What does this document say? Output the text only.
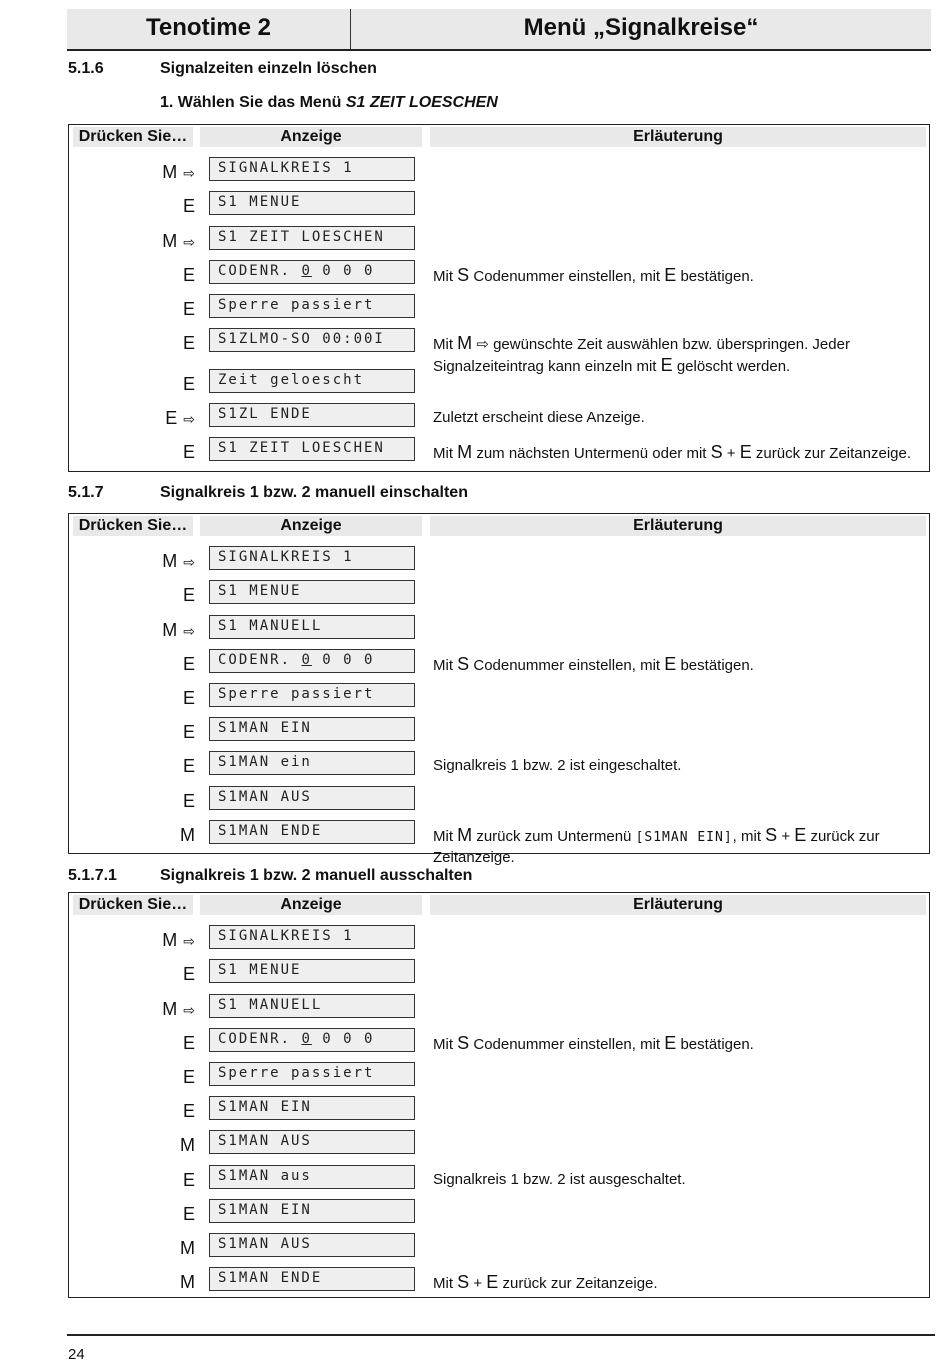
Tenotime 2	Menü „Signalkreise“
5.1.6	Signalzeiten einzeln löschen
1. Wählen Sie das Menü S1 ZEIT LOESCHEN
Drücken Sie…	Anzeige	Erläuterung
M ⇨	SIGNALKREIS 1
E	S1 MENUE
M ⇨	S1 ZEIT LOESCHEN
E	CODENR. 0 0 0 0	Mit S Codenummer einstellen, mit E bestätigen.
E	Sperre passiert
E	S1ZLMO-SO 00:00I	Mit M ⇨ gewünschte Zeit auswählen bzw. überspringen. Jeder Signalzeiteintrag kann einzeln mit E gelöscht werden.
E	Zeit geloescht
E ⇨	S1ZL ENDE	Zuletzt erscheint diese Anzeige.
E	S1 ZEIT LOESCHEN	Mit M zum nächsten Untermenü oder mit S + E zurück zur Zeitanzeige.
5.1.7	Signalkreis 1 bzw. 2 manuell einschalten
Drücken Sie…	Anzeige	Erläuterung
M ⇨	SIGNALKREIS 1
E	S1 MENUE
M ⇨	S1 MANUELL
E	CODENR. 0 0 0 0	Mit S Codenummer einstellen, mit E bestätigen.
E	Sperre passiert
E	S1MAN EIN
E	S1MAN ein	Signalkreis 1 bzw. 2 ist eingeschaltet.
E	S1MAN AUS
M	S1MAN ENDE	Mit M zurück zum Untermenü [S1MAN EIN], mit S + E zurück zur Zeitanzeige.
5.1.7.1	Signalkreis 1 bzw. 2 manuell ausschalten
Drücken Sie…	Anzeige	Erläuterung
M ⇨	SIGNALKREIS 1
E	S1 MENUE
M ⇨	S1 MANUELL
E	CODENR. 0 0 0 0	Mit S Codenummer einstellen, mit E bestätigen.
E	Sperre passiert
E	S1MAN EIN
M	S1MAN AUS
E	S1MAN aus	Signalkreis 1 bzw. 2 ist ausgeschaltet.
E	S1MAN EIN
M	S1MAN AUS
M	S1MAN ENDE	Mit S + E zurück zur Zeitanzeige.
24
